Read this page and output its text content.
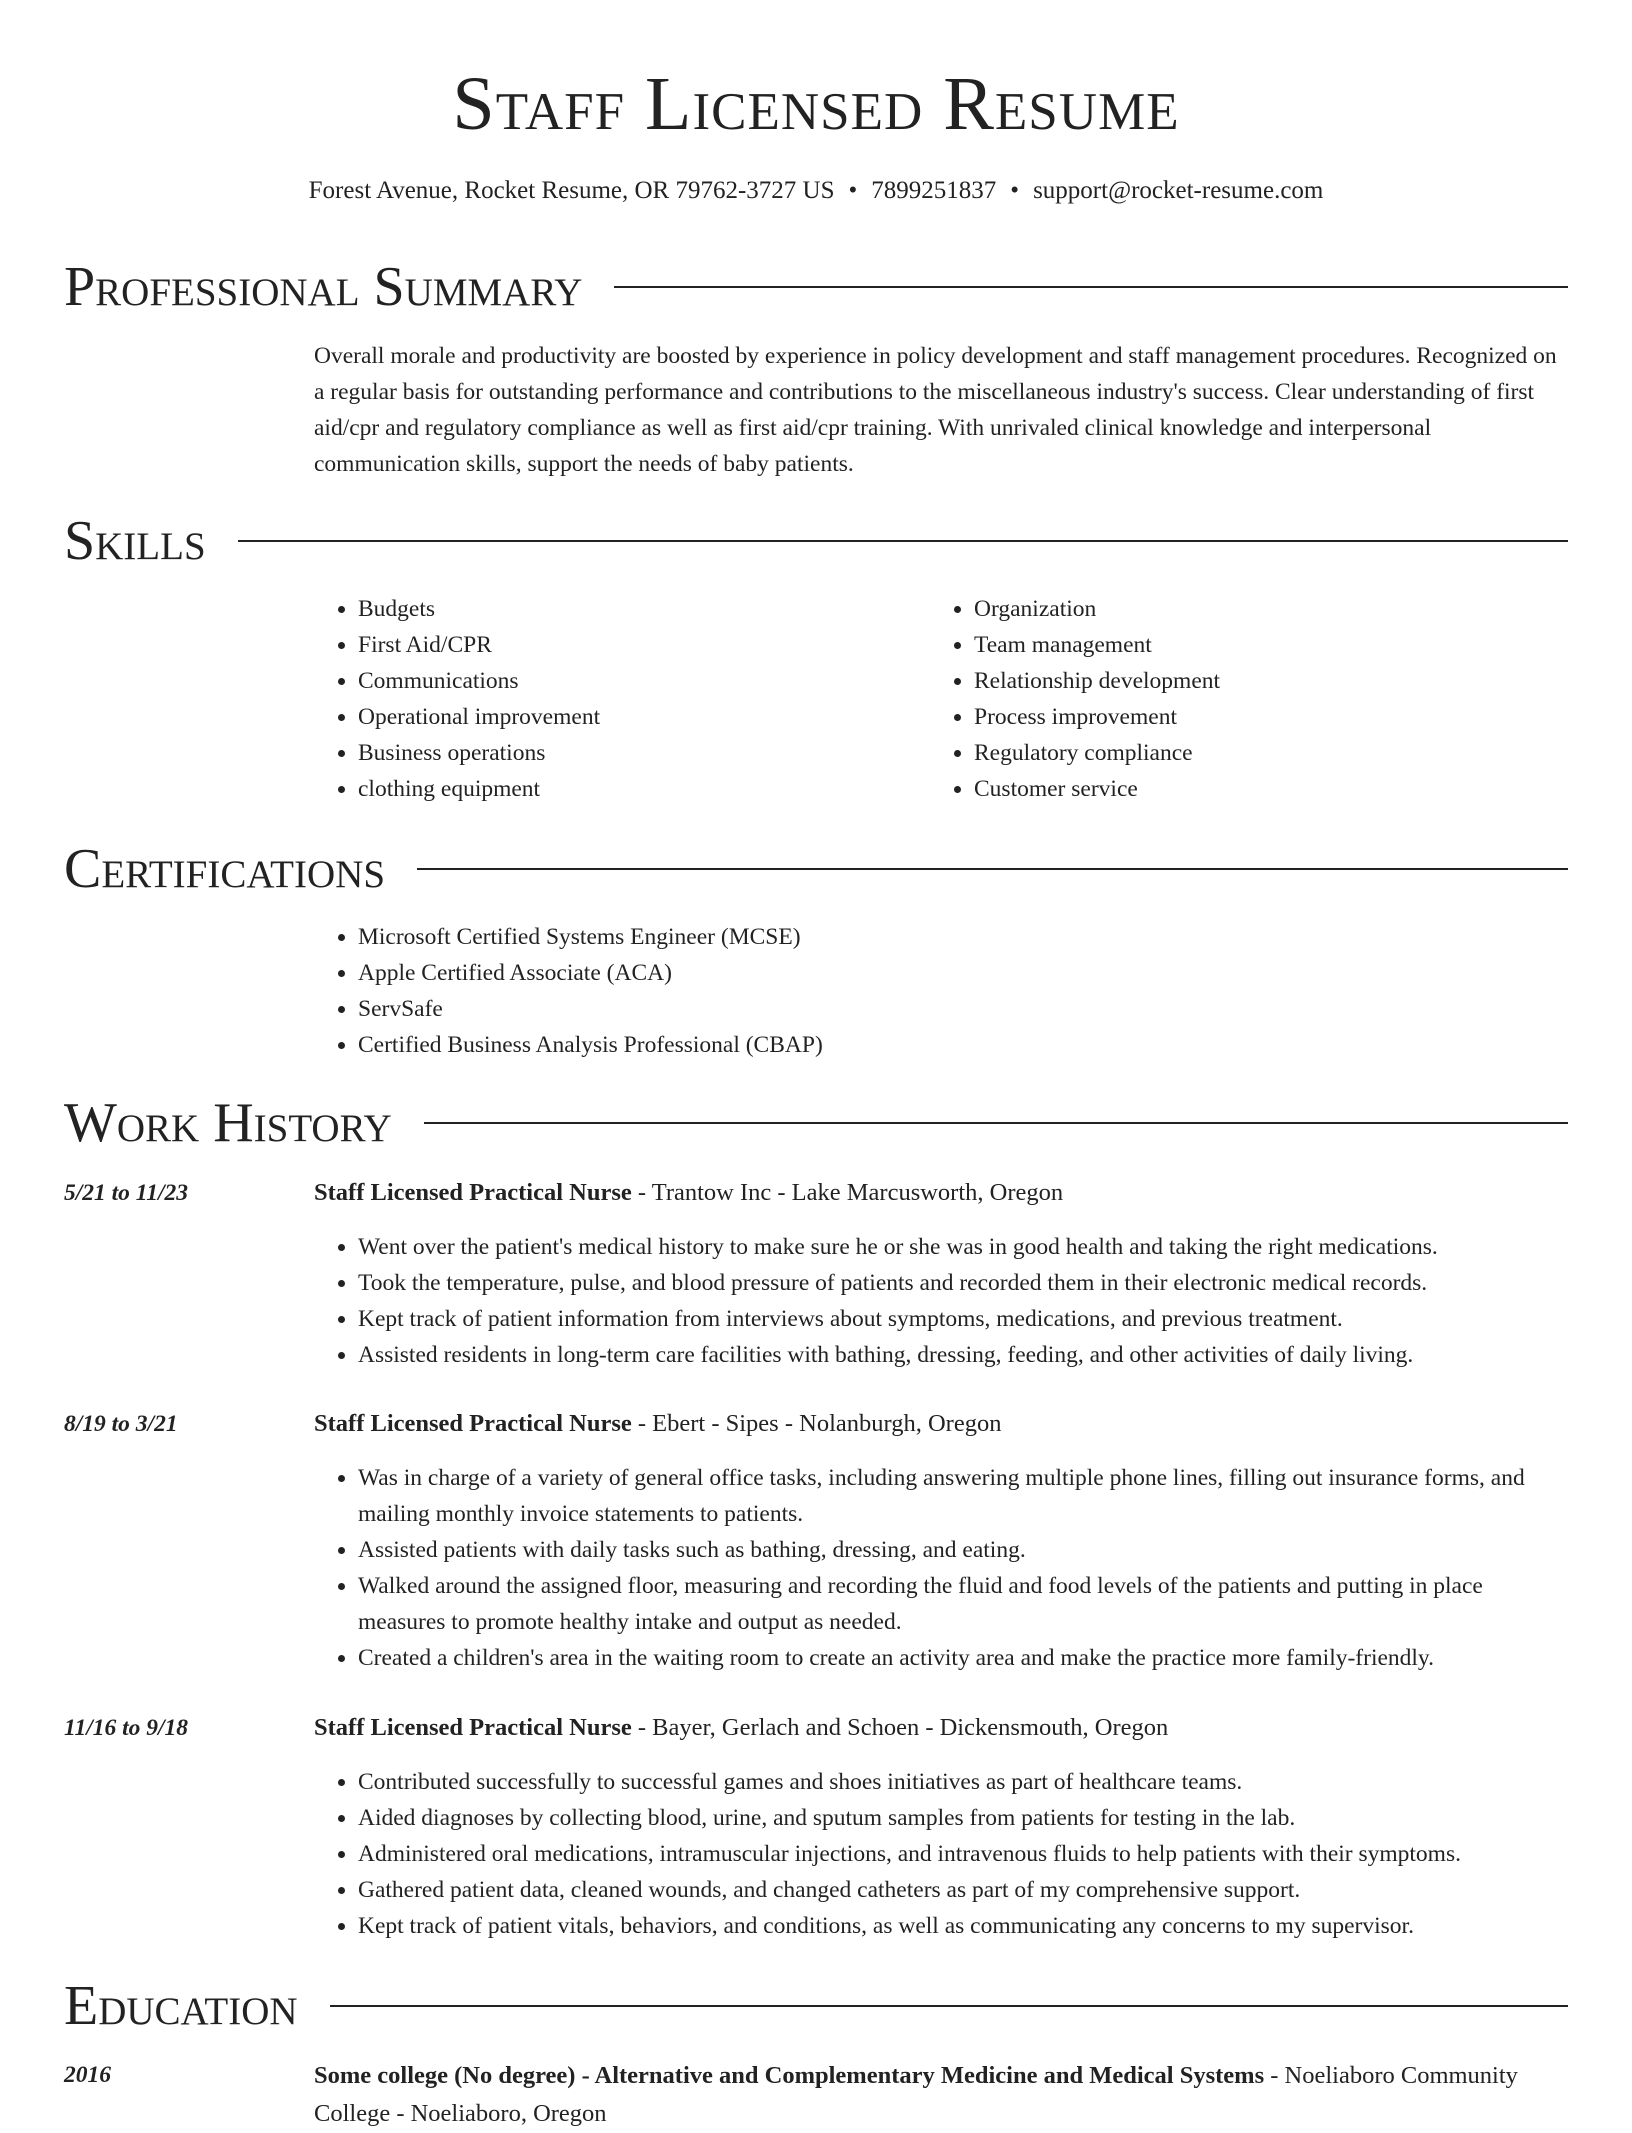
Staff Licensed Resume
Forest Avenue, Rocket Resume, OR 79762-3727 US • 7899251837 • support@rocket-resume.com
Professional Summary
Overall morale and productivity are boosted by experience in policy development and staff management procedures. Recognized on a regular basis for outstanding performance and contributions to the miscellaneous industry's success. Clear understanding of first aid/cpr and regulatory compliance as well as first aid/cpr training. With unrivaled clinical knowledge and interpersonal communication skills, support the needs of baby patients.
Skills
• Budgets
• First Aid/CPR
• Communications
• Operational improvement
• Business operations
• clothing equipment
• Organization
• Team management
• Relationship development
• Process improvement
• Regulatory compliance
• Customer service
Certifications
• Microsoft Certified Systems Engineer (MCSE)
• Apple Certified Associate (ACA)
• ServSafe
• Certified Business Analysis Professional (CBAP)
Work History
5/21 to 11/23	Staff Licensed Practical Nurse - Trantow Inc - Lake Marcusworth, Oregon
• Went over the patient's medical history to make sure he or she was in good health and taking the right medications.
• Took the temperature, pulse, and blood pressure of patients and recorded them in their electronic medical records.
• Kept track of patient information from interviews about symptoms, medications, and previous treatment.
• Assisted residents in long-term care facilities with bathing, dressing, feeding, and other activities of daily living.
8/19 to 3/21	Staff Licensed Practical Nurse - Ebert - Sipes - Nolanburgh, Oregon
• Was in charge of a variety of general office tasks, including answering multiple phone lines, filling out insurance forms, and mailing monthly invoice statements to patients.
• Assisted patients with daily tasks such as bathing, dressing, and eating.
• Walked around the assigned floor, measuring and recording the fluid and food levels of the patients and putting in place measures to promote healthy intake and output as needed.
• Created a children's area in the waiting room to create an activity area and make the practice more family-friendly.
11/16 to 9/18	Staff Licensed Practical Nurse - Bayer, Gerlach and Schoen - Dickensmouth, Oregon
• Contributed successfully to successful games and shoes initiatives as part of healthcare teams.
• Aided diagnoses by collecting blood, urine, and sputum samples from patients for testing in the lab.
• Administered oral medications, intramuscular injections, and intravenous fluids to help patients with their symptoms.
• Gathered patient data, cleaned wounds, and changed catheters as part of my comprehensive support.
• Kept track of patient vitals, behaviors, and conditions, as well as communicating any concerns to my supervisor.
Education
2016	Some college (No degree) - Alternative and Complementary Medicine and Medical Systems - Noeliaboro Community College - Noeliaboro, Oregon
